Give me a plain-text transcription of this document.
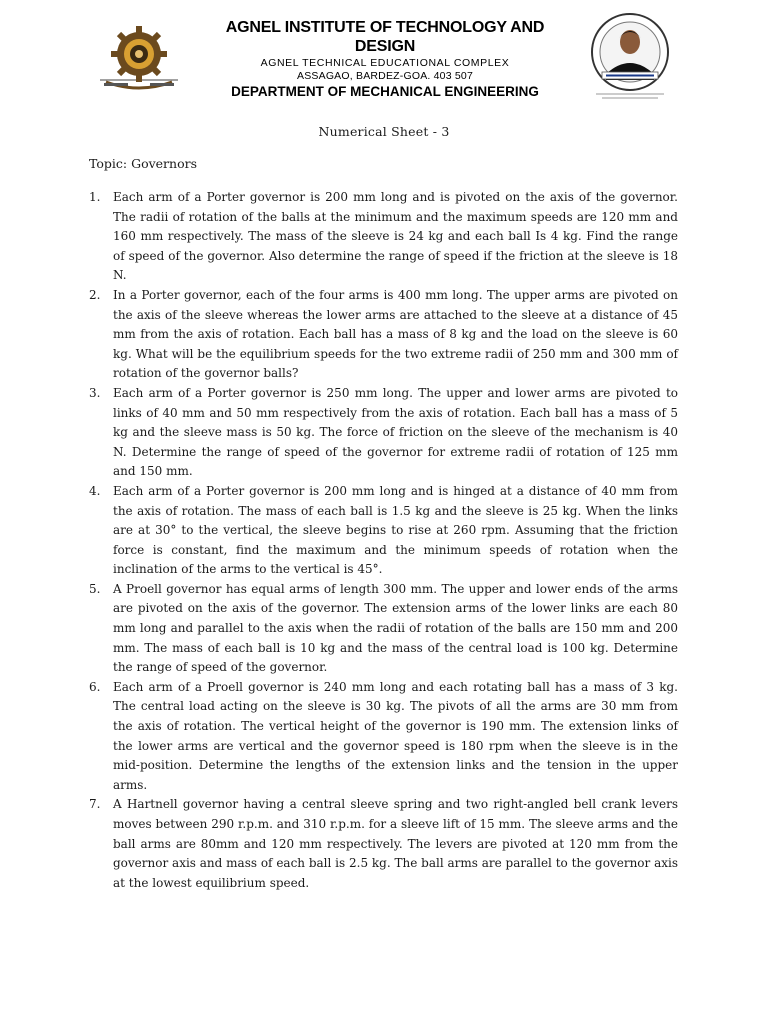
AGNEL INSTITUTE OF TECHNOLOGY AND DESIGN
AGNEL TECHNICAL EDUCATIONAL COMPLEX
ASSAGAO, BARDEZ-GOA. 403 507
DEPARTMENT OF MECHANICAL ENGINEERING
Numerical Sheet - 3
Topic: Governors
1. Each arm of a Porter governor is 200 mm long and is pivoted on the axis of the governor. The radii of rotation of the balls at the minimum and the maximum speeds are 120 mm and 160 mm respectively. The mass of the sleeve is 24 kg and each ball Is 4 kg. Find the range of speed of the governor. Also determine the range of speed if the friction at the sleeve is 18 N.
2. In a Porter governor, each of the four arms is 400 mm long. The upper arms are pivoted on the axis of the sleeve whereas the lower arms are attached to the sleeve at a distance of 45 mm from the axis of rotation. Each ball has a mass of 8 kg and the load on the sleeve is 60 kg. What will be the equilibrium speeds for the two extreme radii of 250 mm and 300 mm of rotation of the governor balls?
3. Each arm of a Porter governor is 250 mm long. The upper and lower arms are pivoted to links of 40 mm and 50 mm respectively from the axis of rotation. Each ball has a mass of 5 kg and the sleeve mass is 50 kg. The force of friction on the sleeve of the mechanism is 40 N. Determine the range of speed of the governor for extreme radii of rotation of 125 mm and 150 mm.
4. Each arm of a Porter governor is 200 mm long and is hinged at a distance of 40 mm from the axis of rotation. The mass of each ball is 1.5 kg and the sleeve is 25 kg. When the links are at 30° to the vertical, the sleeve begins to rise at 260 rpm. Assuming that the friction force is constant, find the maximum and the minimum speeds of rotation when the inclination of the arms to the vertical is 45°.
5. A Proell governor has equal arms of length 300 mm. The upper and lower ends of the arms are pivoted on the axis of the governor. The extension arms of the lower links are each 80 mm long and parallel to the axis when the radii of rotation of the balls are 150 mm and 200 mm. The mass of each ball is 10 kg and the mass of the central load is 100 kg. Determine the range of speed of the governor.
6. Each arm of a Proell governor is 240 mm long and each rotating ball has a mass of 3 kg. The central load acting on the sleeve is 30 kg. The pivots of all the arms are 30 mm from the axis of rotation. The vertical height of the governor is 190 mm. The extension links of the lower arms are vertical and the governor speed is 180 rpm when the sleeve is in the mid-position. Determine the lengths of the extension links and the tension in the upper arms.
7. A Hartnell governor having a central sleeve spring and two right-angled bell crank levers moves between 290 r.p.m. and 310 r.p.m. for a sleeve lift of 15 mm. The sleeve arms and the ball arms are 80mm and 120 mm respectively. The levers are pivoted at 120 mm from the governor axis and mass of each ball is 2.5 kg. The ball arms are parallel to the governor axis at the lowest equilibrium speed.
